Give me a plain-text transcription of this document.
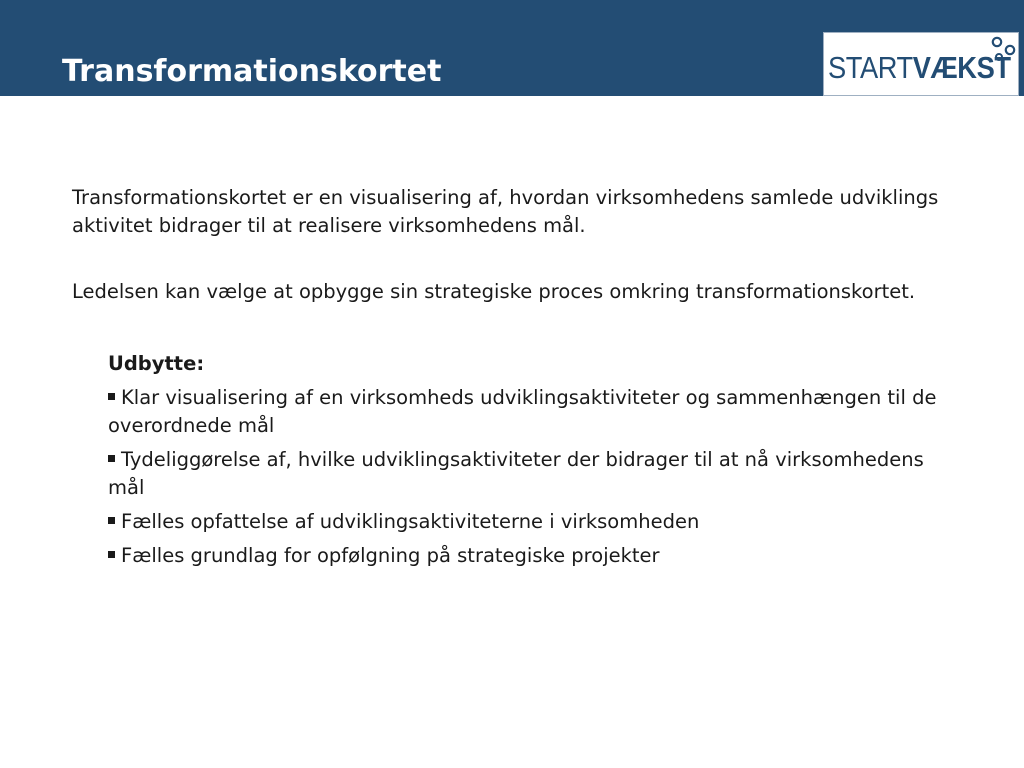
Transformationskortet	STARTVÆKST

Transformationskortet er en visualisering af, hvordan virksomhedens samlede udviklings aktivitet bidrager til at realisere virksomhedens mål.

Ledelsen kan vælge at opbygge sin strategiske proces omkring transformationskortet.

Udbytte:

Klar visualisering af en virksomheds udviklingsaktiviteter og sammenhængen til de overordnede mål
Tydeliggørelse af, hvilke udviklingsaktiviteter der bidrager til at nå virksomhedens mål
Fælles opfattelse af udviklingsaktiviteterne i virksomheden
Fælles grundlag for opfølgning på strategiske projekter
